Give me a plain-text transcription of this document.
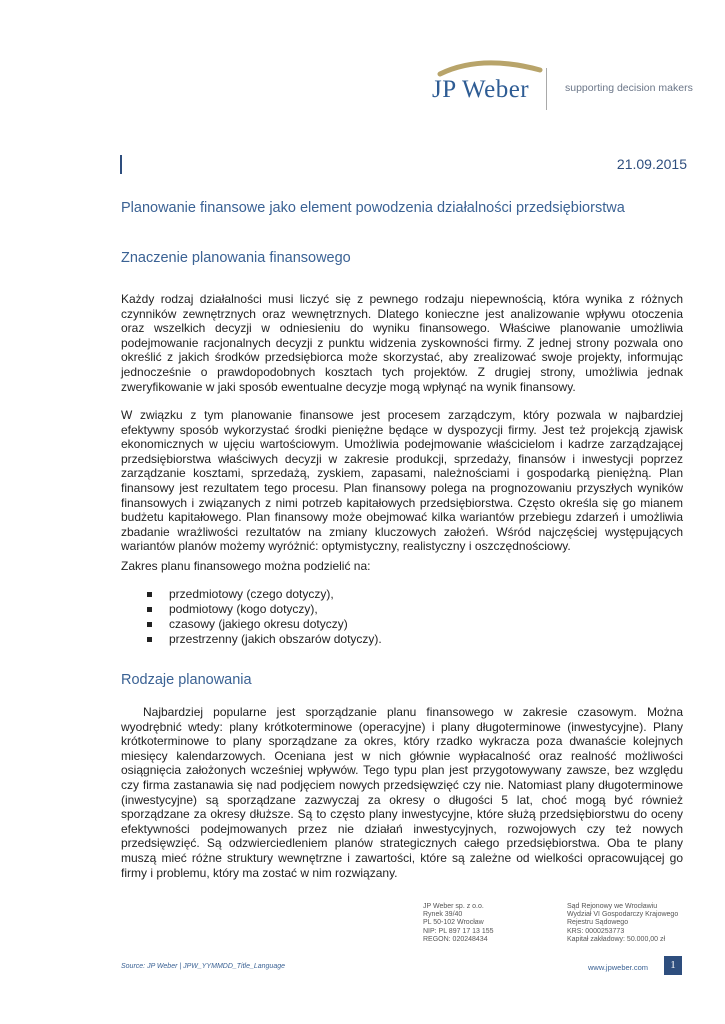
JP Weber	supporting decision makers
21.09.2015
Planowanie finansowe jako element powodzenia działalności przedsiębiorstwa
Znaczenie planowania finansowego
Każdy rodzaj działalności musi liczyć się z pewnego rodzaju niepewnością, która wynika z różnych czynników zewnętrznych oraz wewnętrznych. Dlatego konieczne jest analizowanie wpływu otoczenia oraz wszelkich decyzji w odniesieniu do wyniku finansowego. Właściwe planowanie umożliwia podejmowanie racjonalnych decyzji z punktu widzenia zyskowności firmy. Z jednej strony pozwala ono określić z jakich środków przedsiębiorca może skorzystać, aby zrealizować swoje projekty, informując jednocześnie o prawdopodobnych kosztach tych projektów. Z drugiej strony, umożliwia jednak zweryfikowanie w jaki sposób ewentualne decyzje mogą wpłynąć na wynik finansowy.
W związku z tym planowanie finansowe jest procesem zarządczym, który pozwala w najbardziej efektywny sposób wykorzystać środki pieniężne będące w dyspozycji firmy. Jest też projekcją zjawisk ekonomicznych w ujęciu wartościowym. Umożliwia podejmowanie właścicielom i kadrze zarządzającej przedsiębiorstwa właściwych decyzji w zakresie produkcji, sprzedaży, finansów i inwestycji poprzez zarządzanie kosztami, sprzedażą, zyskiem, zapasami, należnościami i gospodarką pieniężną. Plan finansowy jest rezultatem tego procesu. Plan finansowy polega na prognozowaniu przyszłych wyników finansowych i związanych z nimi potrzeb kapitałowych przedsiębiorstwa. Często określa się go mianem budżetu kapitałowego. Plan finansowy może obejmować kilka wariantów przebiegu zdarzeń i umożliwia zbadanie wrażliwości rezultatów na zmiany kluczowych założeń. Wśród najczęściej występujących wariantów planów możemy wyróżnić: optymistyczny, realistyczny i oszczędnościowy.
Zakres planu finansowego można podzielić na:
przedmiotowy (czego dotyczy),
podmiotowy (kogo dotyczy),
czasowy (jakiego okresu dotyczy)
przestrzenny (jakich obszarów dotyczy).
Rodzaje planowania
Najbardziej popularne jest sporządzanie planu finansowego w zakresie czasowym. Można wyodrębnić wtedy: plany krótkoterminowe (operacyjne) i plany długoterminowe (inwestycyjne). Plany krótkoterminowe to plany sporządzane za okres, który rzadko wykracza poza dwanaście kolejnych miesięcy kalendarzowych. Oceniana jest w nich głównie wypłacalność oraz realność możliwości osiągnięcia założonych wcześniej wpływów. Tego typu plan jest przygotowywany zawsze, bez względu czy firma zastanawia się nad podjęciem nowych przedsięwzięć czy nie. Natomiast plany długoterminowe (inwestycyjne) są sporządzane zazwyczaj za okresy o długości 5 lat, choć mogą być również sporządzane za okresy dłuższe. Są to często plany inwestycyjne, które służą przedsiębiorstwu do oceny efektywności podejmowanych przez nie działań inwestycyjnych, rozwojowych czy też nowych przedsięwzięć. Są odzwierciedleniem planów strategicznych całego przedsiębiorstwa. Oba te plany muszą mieć różne struktury wewnętrzne i zawartości, które są zależne od wielkości opracowującej go firmy i problemu, który ma zostać w nim rozwiązany.
JP Weber sp. z o.o.
Rynek 39/40
PL 50-102 Wrocław
NIP: PL 897 17 13 155
REGON: 020248434
Sąd Rejonowy we Wrocławiu
Wydział VI Gospodarczy Krajowego
Rejestru Sądowego
KRS: 0000253773
Kapitał zakładowy: 50.000,00 zł
Source: JP Weber | JPW_YYMMDD_Title_Language	www.jpweber.com	1
